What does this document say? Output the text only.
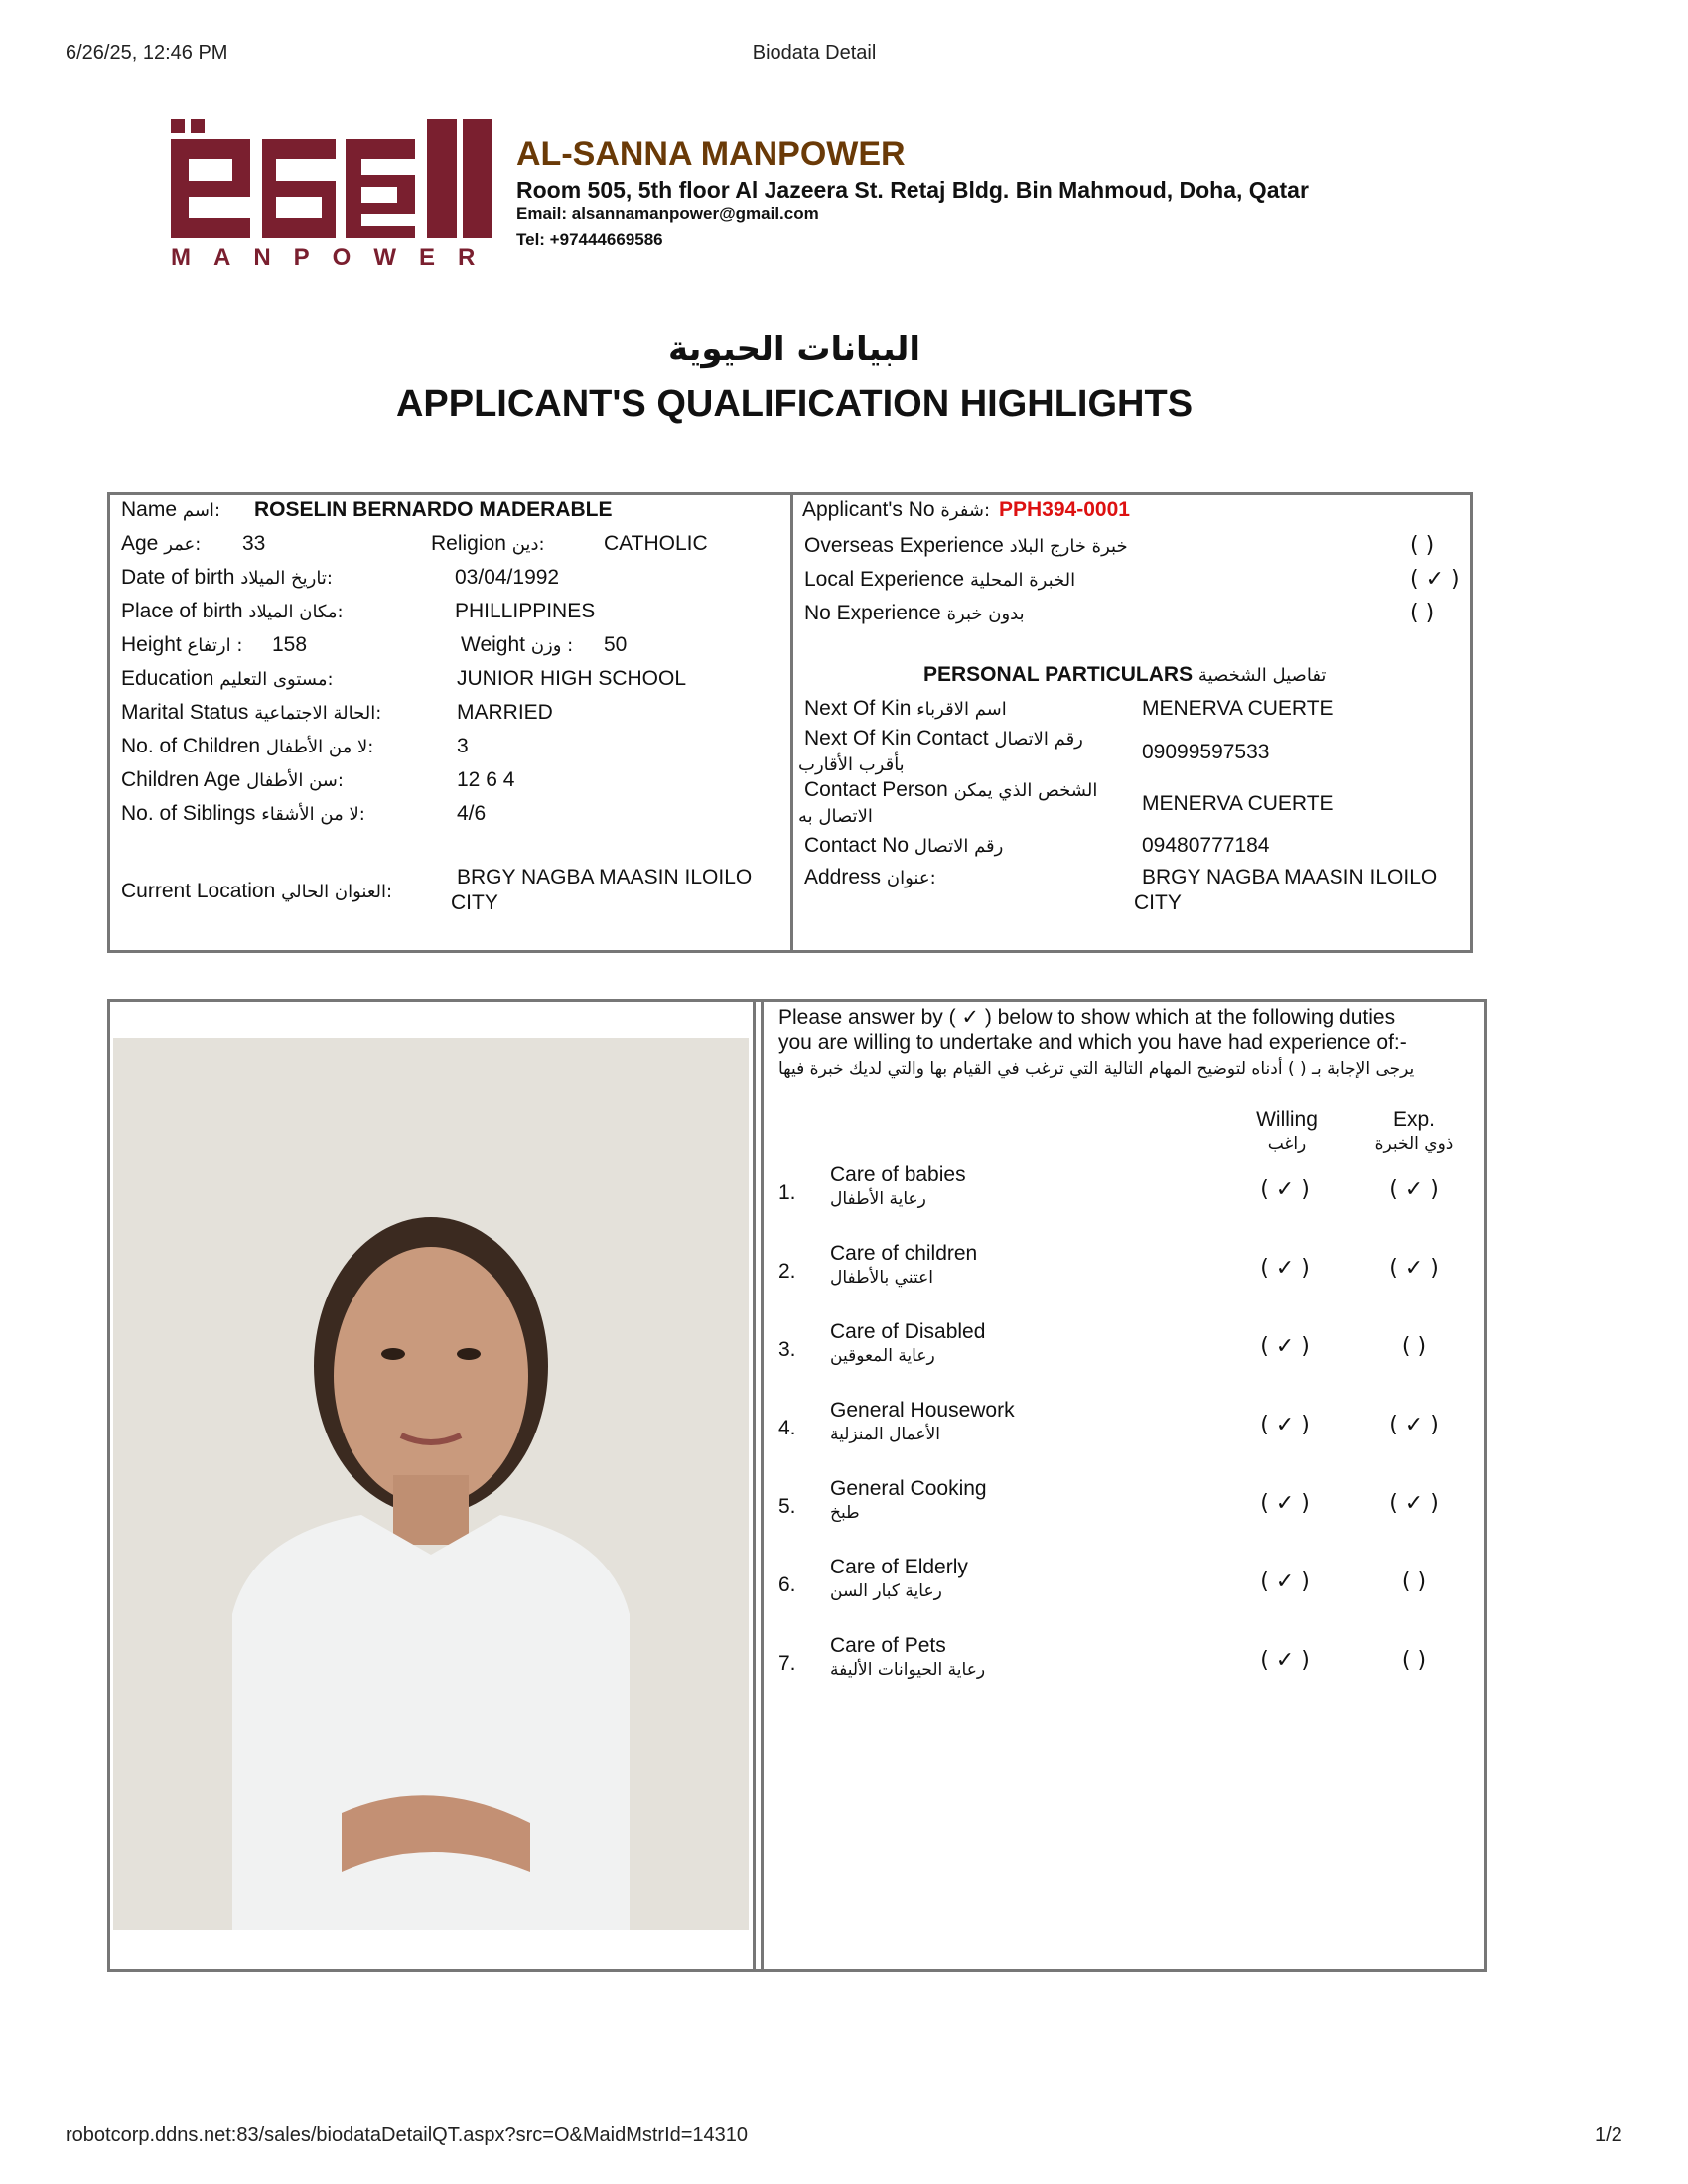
6/26/25, 12:46 PM	Biodata Detail
MANPOWER
AL-SANNA MANPOWER
Room 505, 5th floor Al Jazeera St. Retaj Bldg. Bin Mahmoud, Doha, Qatar
Email: alsannamanpower@gmail.com
Tel: +97444669586
البيانات الحيوية
APPLICANT'S QUALIFICATION HIGHLIGHTS
Name اسم: ROSELIN BERNARDO MADERABLE
Age عمر: 33	Religion دين:	CATHOLIC
Date of birth تاريخ الميلاد:	03/04/1992
Place of birth مكان الميلاد:	PHILLIPPINES
Height ارتفاع : 158	Weight وزن : 50
Education مستوى التعليم:	JUNIOR HIGH SCHOOL
Marital Status الحالة الاجتماعية:	MARRIED
No. of Children لا من الأطفال:	3
Children Age سن الأطفال:	12 6 4
No. of Siblings لا من الأشقاء:	4/6
Current Location العنوان الحالي:
BRGY NAGBA MAASIN ILOILO
CITY
Applicant's No شفرة: PPH394-0001
Overseas Experience خبرة خارج البلاد	( )
Local Experience الخبرة المحلية	( ✓ )
No Experience بدون خبرة	( )
PERSONAL PARTICULARS تفاصيل الشخصية
Next Of Kin اسم الاقرباء	MENERVA CUERTE
Next Of Kin Contact رقم الاتصال
بأقرب الأقارب
09099597533
Contact Person الشخص الذي يمكن
الاتصال به
MENERVA CUERTE
Contact No رقم الاتصال	09480777184
Address عنوان:	BRGY NAGBA MAASIN ILOILO
CITY
Please answer by ( ✓ ) below to show which at the following duties
you are willing to undertake and which you have had experience of:-
يرجى الإجابة بـ ( ) أدناه لتوضيح المهام التالية التي ترغب في القيام بها والتي لديك خبرة فيها
Willing
راغب
Exp.
ذوي الخبرة
1.
Care of babies
رعاية الأطفال	( ✓ )	( ✓ )
2.
Care of children
اعتني بالأطفال	( ✓ )	( ✓ )
3.
Care of Disabled
رعاية المعوقين	( ✓ )	( )
4.
General Housework
الأعمال المنزلية	( ✓ )	( ✓ )
5.
General Cooking
طبخ	( ✓ )	( ✓ )
6.
Care of Elderly
رعاية كبار السن	( ✓ )	( )
7.
Care of Pets
رعاية الحيوانات الأليفة	( ✓ )	( )
robotcorp.ddns.net:83/sales/biodataDetailQT.aspx?src=O&MaidMstrId=14310	1/2
